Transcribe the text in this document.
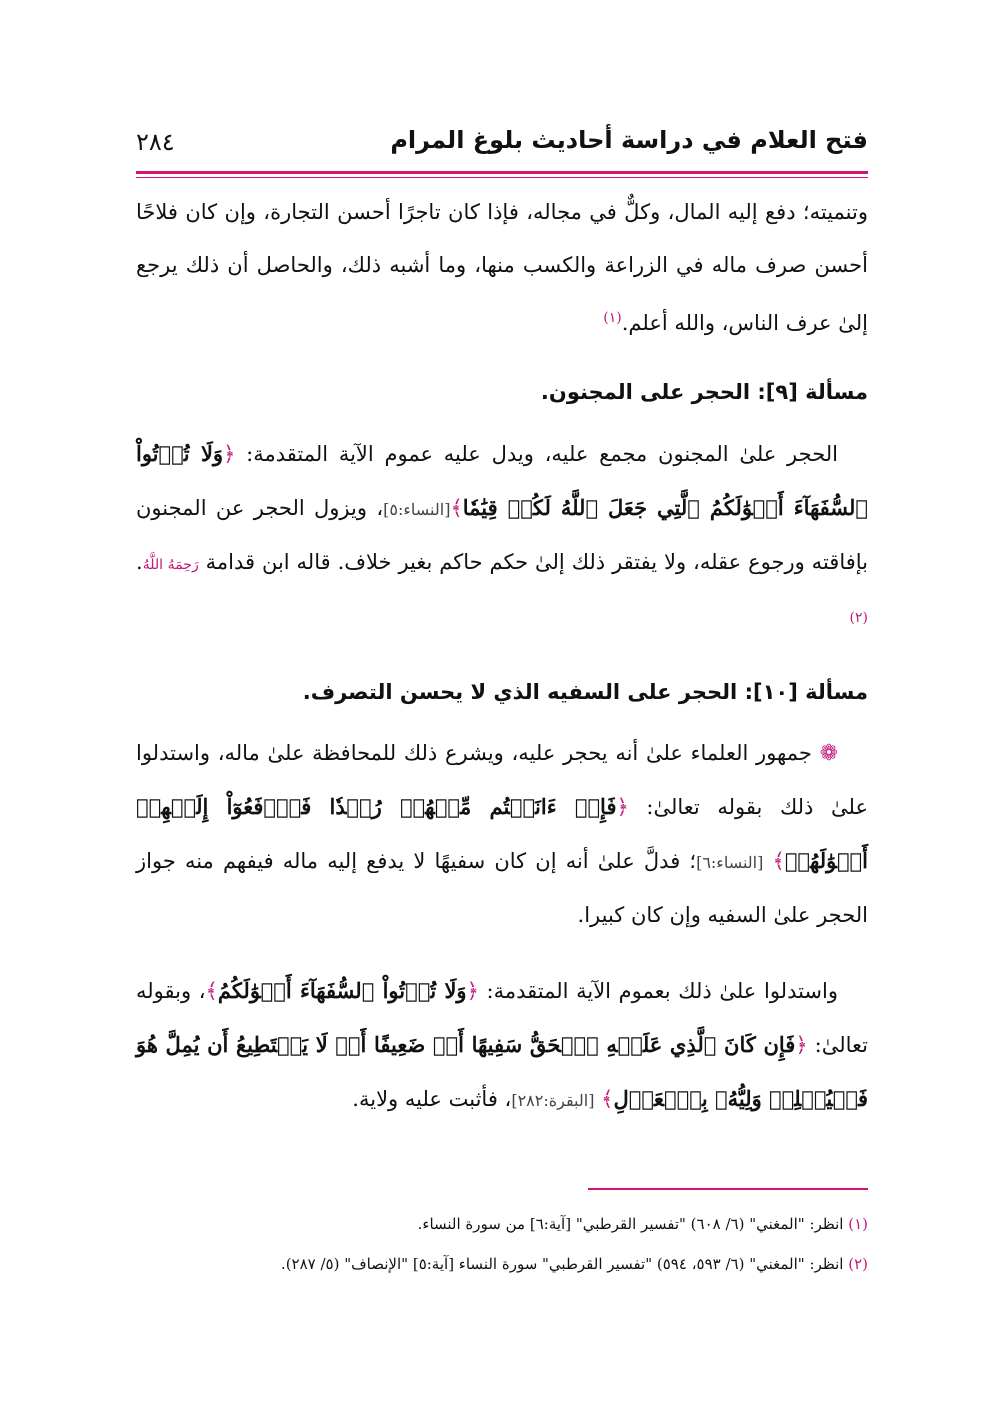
فتح العلام في دراسة أحاديث بلوغ المرام
٢٨٤

وتنميته؛ دفع إليه المال، وكلٌّ في مجاله، فإذا كان تاجرًا أحسن التجارة، وإن كان فلاحًا أحسن صرف ماله في الزراعة والكسب منها، وما أشبه ذلك، والحاصل أن ذلك يرجع إلىٰ عرف الناس، والله أعلم.$^{(١)}$

مسألة [٩]: الحجر على المجنون.

الحجر علىٰ المجنون مجمع عليه، ويدل عليه عموم الآية المتقدمة: ﴿وَلَا تُؤۡتُواْ ٱلسُّفَهَآءَ أَمۡوَٰلَكُمُ ٱلَّتِي جَعَلَ ٱللَّهُ لَكُمۡ قِيَٰمٗا﴾[النساء:٥]، ويزول الحجر عن المجنون بإفاقته ورجوع عقله، ولا يفتقر ذلك إلىٰ حكم حاكم بغير خلاف. قاله ابن قدامة رَحِمَهُ اللَّهُ.$^{(٢)}$

مسألة [١٠]: الحجر على السفيه الذي لا يحسن التصرف.

❁ جمهور العلماء علىٰ أنه يحجر عليه، ويشرع ذلك للمحافظة علىٰ ماله، واستدلوا علىٰ ذلك بقوله تعالىٰ: ﴿فَإِنۡ ءَانَسۡتُم مِّنۡهُمۡ رُشۡدٗا فَٱدۡفَعُوٓاْ إِلَيۡهِمۡ أَمۡوَٰلَهُمۡ﴾ [النساء:٦]؛ فدلَّ علىٰ أنه إن كان سفيهًا لا يدفع إليه ماله فيفهم منه جواز الحجر علىٰ السفيه وإن كان كبيرا.

واستدلوا علىٰ ذلك بعموم الآية المتقدمة: ﴿وَلَا تُؤۡتُواْ ٱلسُّفَهَآءَ أَمۡوَٰلَكُمُ﴾، وبقوله تعالىٰ: ﴿فَإِن كَانَ ٱلَّذِي عَلَيۡهِ ٱلۡحَقُّ سَفِيهًا أَوۡ ضَعِيفًا أَوۡ لَا يَسۡتَطِيعُ أَن يُمِلَّ هُوَ فَلۡيُمۡلِلۡ وَلِيُّهُۥ بِٱلۡعَدۡلِ﴾ [البقرة:٢٨٢]، فأثبت عليه ولاية.

(١) انظر: "المغني" (٦/ ٦٠٨) "تفسير القرطبي" [آية:٦] من سورة النساء.

(٢) انظر: "المغني" (٦/ ٥٩٣، ٥٩٤) "تفسير القرطبي" سورة النساء [آية:٥] "الإنصاف" (٥/ ٢٨٧).
